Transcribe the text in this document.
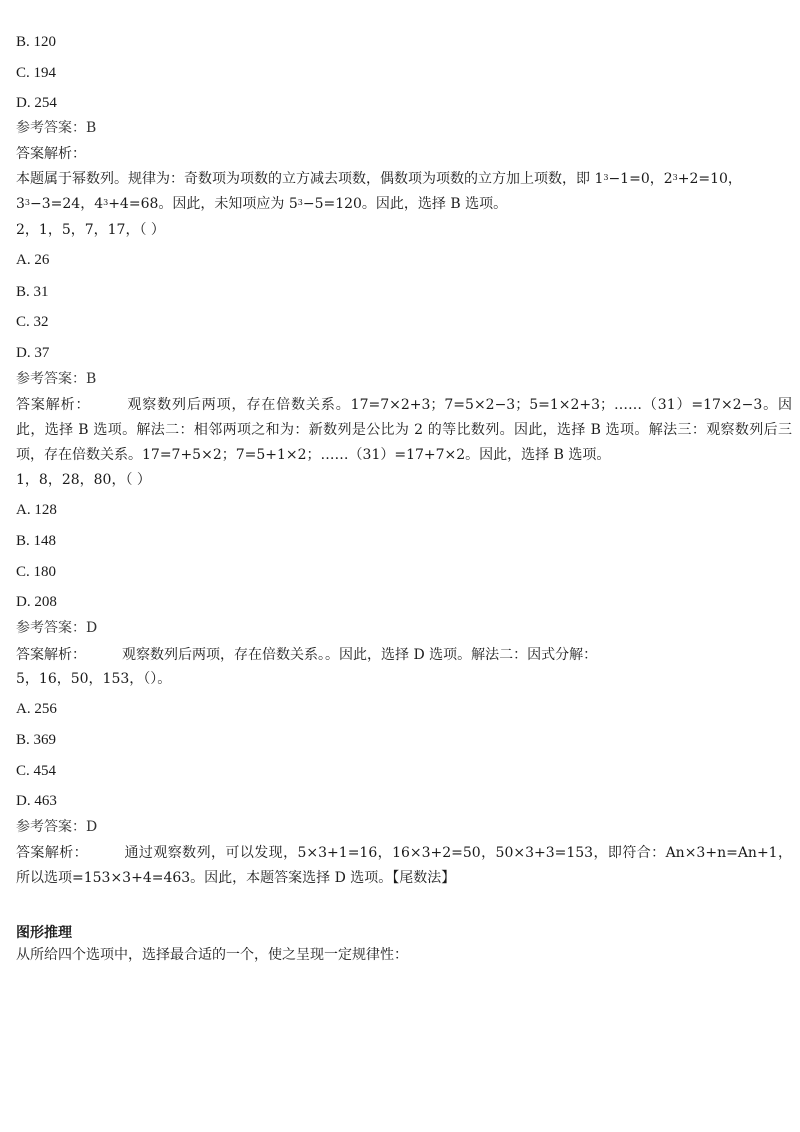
B. 120
C. 194
D. 254
参考答案：B
答案解析：
本题属于幂数列。规律为：奇数项为项数的立方减去项数，偶数项为项数的立方加上项数，即 $1^3-1=0$，$2^3+2=10$，
$3^3-3=24$，$4^3+4=68$。因此，未知项应为 $5^3-5=120$。因此，选择 B 选项。
2，1，5，7，17，（ ）
A. 26
B. 31
C. 32
D. 37
参考答案：B
答案解析：	观察数列后两项，存在倍数关系。17=7×2+3；7=5×2−3；5=1×2+3；……（31）=17×2−3。因此，选择 B 选项。解法二：相邻两项之和为：新数列是公比为 2 的等比数列。因此，选择 B 选项。解法三：观察数列后三项，存在倍数关系。17=7+5×2；7=5+1×2；……（31）=17+7×2。因此，选择 B 选项。
1，8，28，80，（ ）
A. 128
B. 148
C. 180
D. 208
参考答案：D
答案解析：	观察数列后两项，存在倍数关系。。因此，选择 D 选项。解法二：因式分解：
5，16，50，153，（）。
A. 256
B. 369
C. 454
D. 463
参考答案：D
答案解析：	通过观察数列，可以发现，5×3+1=16，16×3+2=50，50×3+3=153，即符合：An×3+n=An+1，所以选项=153×3+4=463。因此，本题答案选择 D 选项。【尾数法】
图形推理
从所给四个选项中，选择最合适的一个，使之呈现一定规律性：
